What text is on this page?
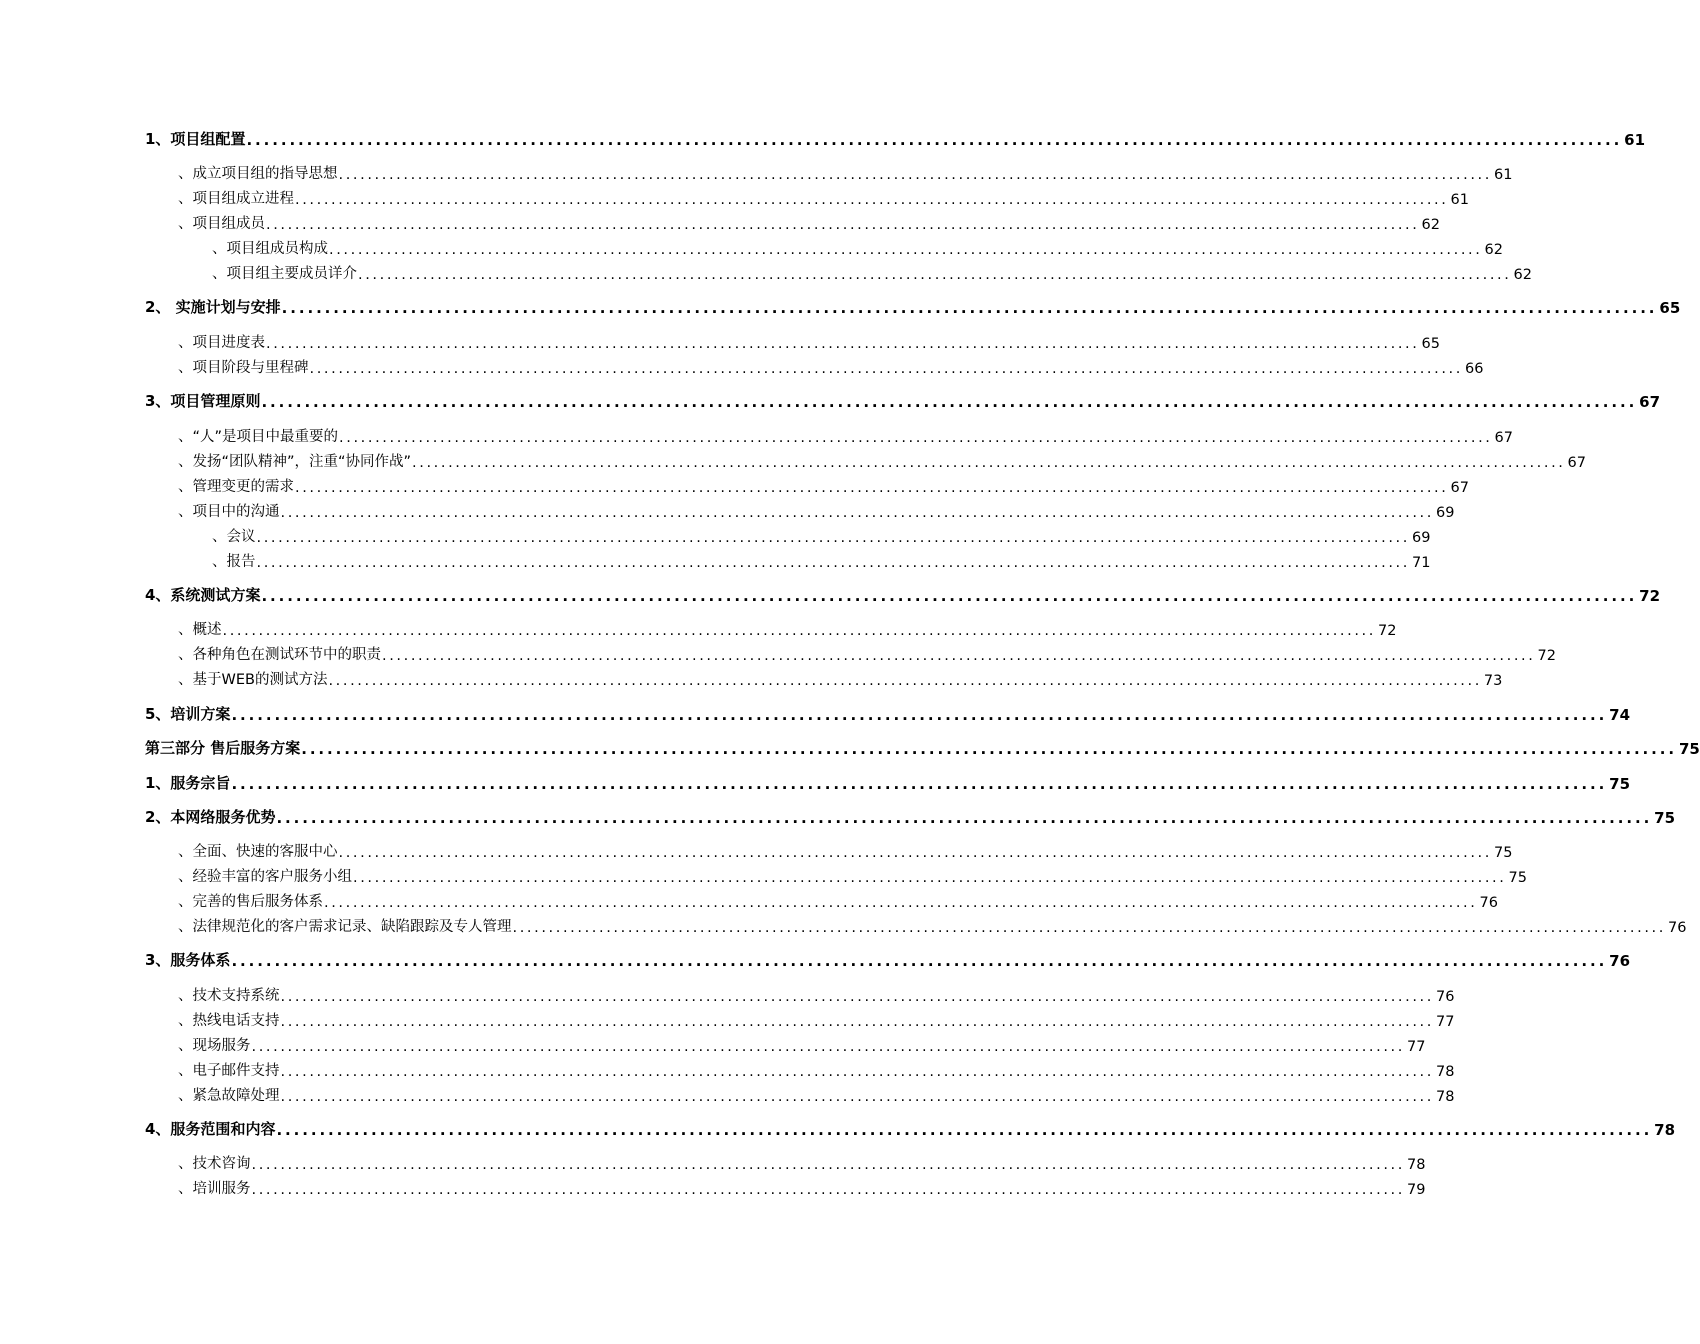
1、项目组配置 ................................................................................................................................................................ 61
、成立项目组的指导思想 ................................................................................................................................................................ 61
、项目组成立进程 ................................................................................................................................................................ 61
、项目组成员 ................................................................................................................................................................ 62
、项目组成员构成 ................................................................................................................................................................ 62
、项目组主要成员详介 ................................................................................................................................................................ 62
2、 实施计划与安排 ................................................................................................................................................................ 65
、项目进度表 ................................................................................................................................................................ 65
、项目阶段与里程碑 ................................................................................................................................................................ 66
3、项目管理原则 ................................................................................................................................................................ 67
、“人”是项目中最重要的 ................................................................................................................................................................ 67
、发扬“团队精神”，注重“协同作战” ................................................................................................................................................................ 67
、管理变更的需求 ................................................................................................................................................................ 67
、项目中的沟通 ................................................................................................................................................................ 69
、会议 ................................................................................................................................................................ 69
、报告 ................................................................................................................................................................ 71
4、系统测试方案 ................................................................................................................................................................ 72
、概述 ................................................................................................................................................................ 72
、各种角色在测试环节中的职责 ................................................................................................................................................................ 72
、基于WEB的测试方法 ................................................................................................................................................................ 73
5、培训方案 ................................................................................................................................................................ 74
第三部分 售后服务方案 ................................................................................................................................................................ 75
1、服务宗旨 ................................................................................................................................................................ 75
2、本网络服务优势 ................................................................................................................................................................ 75
、全面、快速的客服中心 ................................................................................................................................................................ 75
、经验丰富的客户服务小组 ................................................................................................................................................................ 75
、完善的售后服务体系 ................................................................................................................................................................ 76
、法律规范化的客户需求记录、缺陷跟踪及专人管理 ................................................................................................................................................................ 76
3、服务体系 ................................................................................................................................................................ 76
、技术支持系统 ................................................................................................................................................................ 76
、热线电话支持 ................................................................................................................................................................ 77
、现场服务 ................................................................................................................................................................ 77
、电子邮件支持 ................................................................................................................................................................ 78
、紧急故障处理 ................................................................................................................................................................ 78
4、服务范围和内容 ................................................................................................................................................................ 78
、技术咨询 ................................................................................................................................................................ 78
、培训服务 ................................................................................................................................................................ 79
